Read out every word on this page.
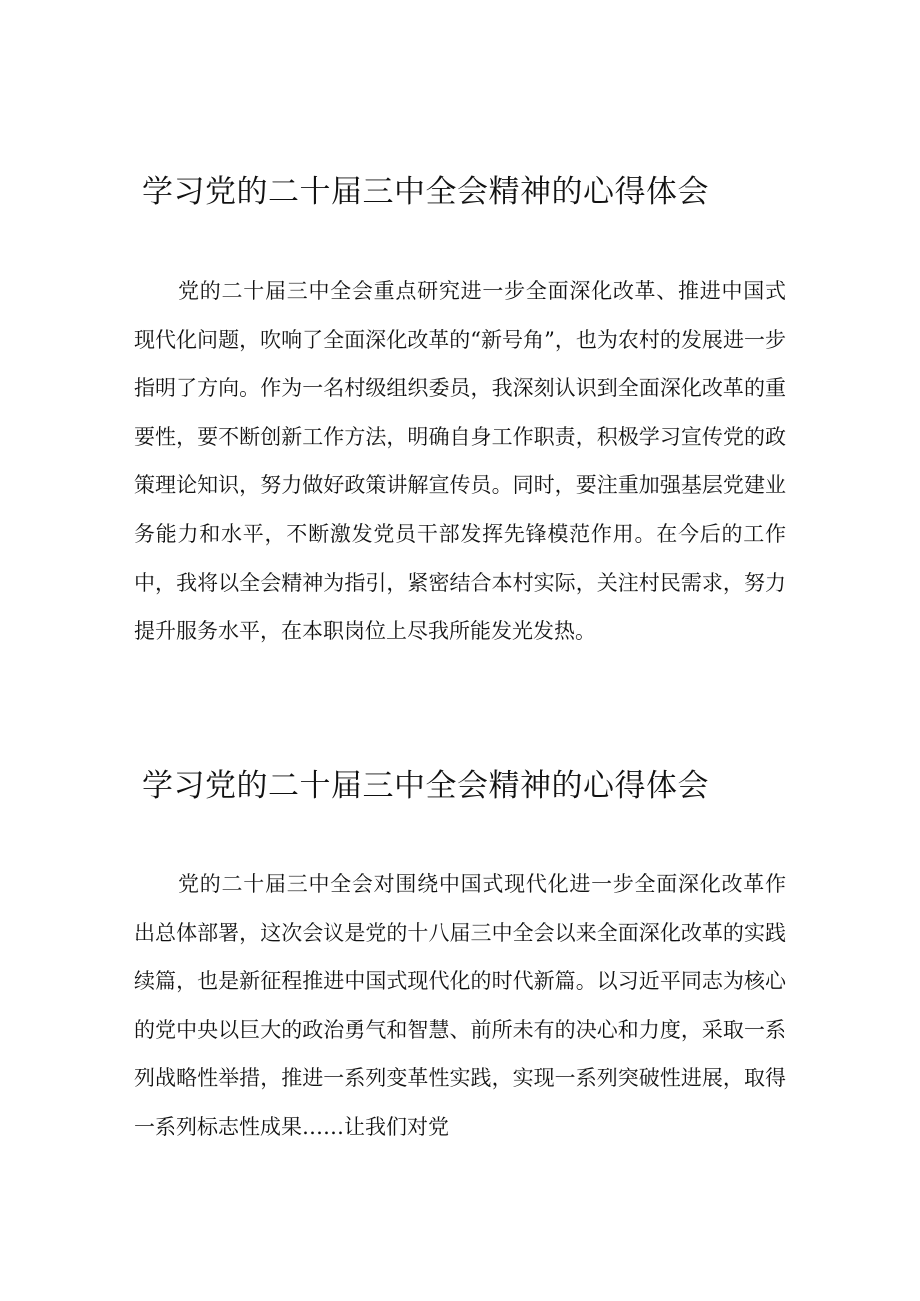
学习党的二十届三中全会精神的心得体会

党的二十届三中全会重点研究进一步全面深化改革、推进中国式现代化问题，吹响了全面深化改革的“新号角”，也为农村的发展进一步指明了方向。作为一名村级组织委员，我深刻认识到全面深化改革的重要性，要不断创新工作方法，明确自身工作职责，积极学习宣传党的政策理论知识，努力做好政策讲解宣传员。同时，要注重加强基层党建业务能力和水平，不断激发党员干部发挥先锋模范作用。在今后的工作中，我将以全会精神为指引，紧密结合本村实际，关注村民需求，努力提升服务水平，在本职岗位上尽我所能发光发热。

学习党的二十届三中全会精神的心得体会

党的二十届三中全会对围绕中国式现代化进一步全面深化改革作出总体部署，这次会议是党的十八届三中全会以来全面深化改革的实践续篇，也是新征程推进中国式现代化的时代新篇。以习近平同志为核心的党中央以巨大的政治勇气和智慧、前所未有的决心和力度，采取一系列战略性举措，推进一系列变革性实践，实现一系列突破性进展，取得一系列标志性成果……让我们对党
